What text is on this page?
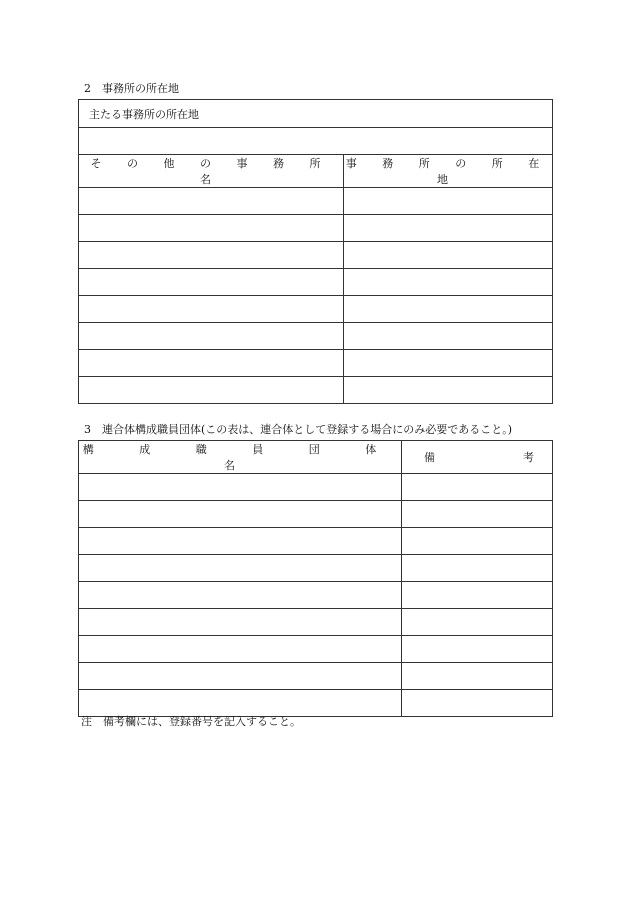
2　事務所の所在地
主たる事務所の所在地	

そ の 他 の 事 務 所 名	事 務 所 の 所 在 地

3　連合体構成職員団体(この表は、連合体として登録する場合にのみ必要であること。)
構 成 職 員 団 体 名	備 考

注　備考欄には、登録番号を記入すること。
